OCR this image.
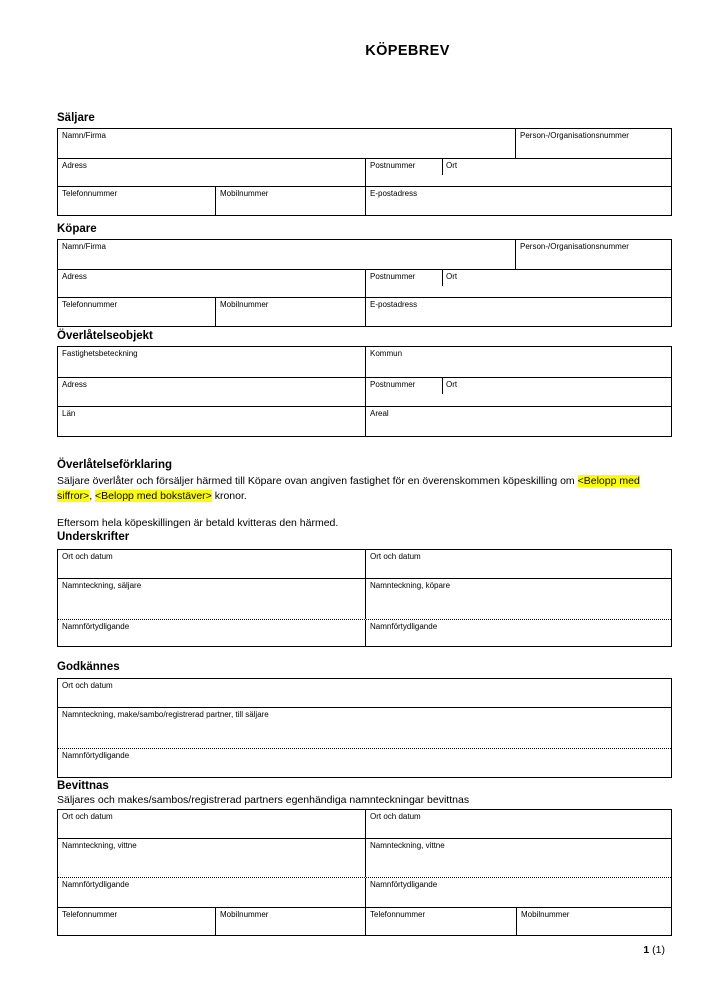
KÖPEBREV
Säljare
Namn/Firma	Person-/Organisationsnummer
Adress	Postnummer	Ort
Telefonnummer	Mobilnummer	E-postadress
Köpare
Namn/Firma	Person-/Organisationsnummer
Adress	Postnummer	Ort
Telefonnummer	Mobilnummer	E-postadress
Överlåtelseobjekt
Fastighetsbeteckning	Kommun
Adress	Postnummer	Ort
Län	Areal
Överlåtelseförklaring

Säljare överlåter och försäljer härmed till Köpare ovan angiven fastighet för en överenskommen köpeskilling om <Belopp med siffror>, <Belopp med bokstäver> kronor.

Eftersom hela köpeskillingen är betald kvitteras den härmed.

Underskrifter
Ort och datum	Ort och datum
Namnteckning, säljare	Namnteckning, köpare
Namnförtydligande	Namnförtydligande
Godkännes
Ort och datum
Namnteckning, make/sambo/registrerad partner, till säljare
Namnförtydligande
Bevittnas
Säljares och makes/sambos/registrerad partners egenhändiga namnteckningar bevittnas
Ort och datum	Ort och datum
Namnteckning, vittne	Namnteckning, vittne
Namnförtydligande	Namnförtydligande
Telefonnummer	Mobilnummer	Telefonnummer	Mobilnummer
1 (1)
